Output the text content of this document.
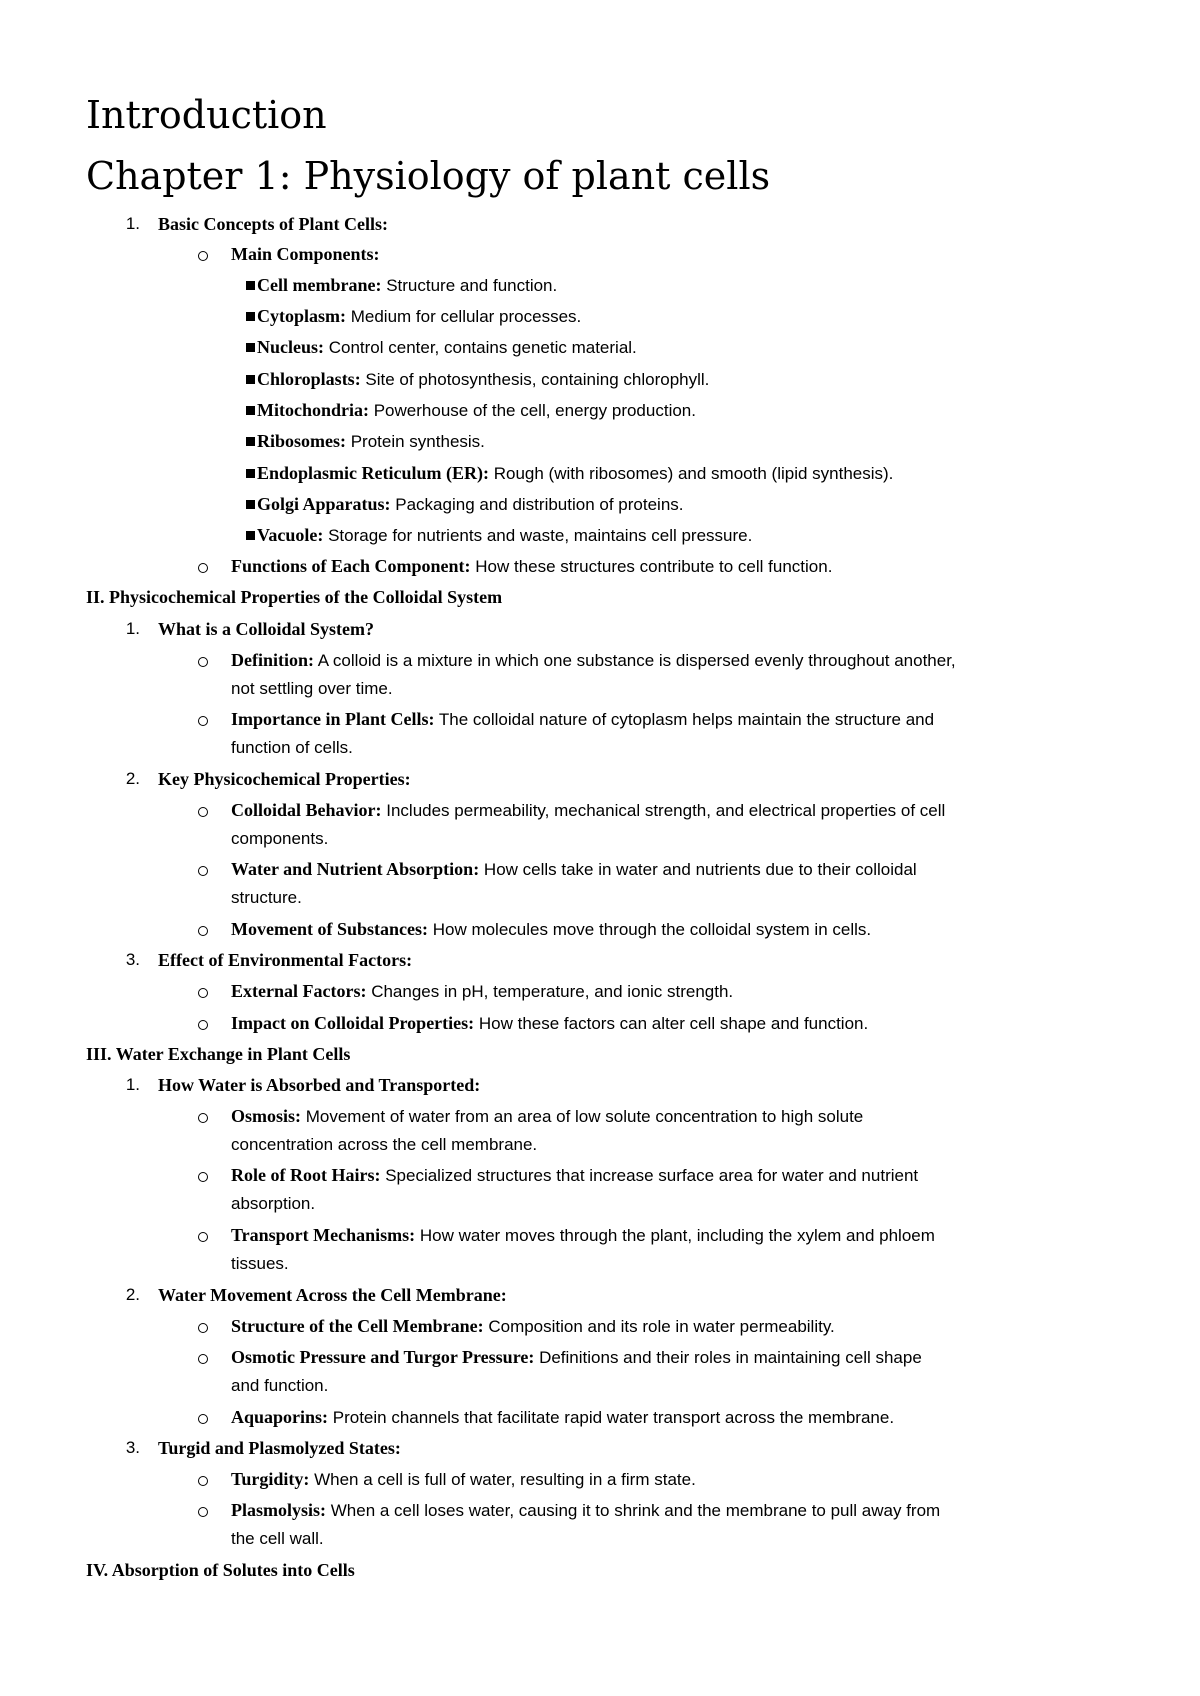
Introduction
Chapter 1: Physiology of plant cells
1. Basic Concepts of Plant Cells:
Main Components:
Cell membrane: Structure and function.
Cytoplasm: Medium for cellular processes.
Nucleus: Control center, contains genetic material.
Chloroplasts: Site of photosynthesis, containing chlorophyll.
Mitochondria: Powerhouse of the cell, energy production.
Ribosomes: Protein synthesis.
Endoplasmic Reticulum (ER): Rough (with ribosomes) and smooth (lipid synthesis).
Golgi Apparatus: Packaging and distribution of proteins.
Vacuole: Storage for nutrients and waste, maintains cell pressure.
Functions of Each Component: How these structures contribute to cell function.
II. Physicochemical Properties of the Colloidal System
1. What is a Colloidal System?
Definition: A colloid is a mixture in which one substance is dispersed evenly throughout another,
not settling over time.
Importance in Plant Cells: The colloidal nature of cytoplasm helps maintain the structure and
function of cells.
2. Key Physicochemical Properties:
Colloidal Behavior: Includes permeability, mechanical strength, and electrical properties of cell
components.
Water and Nutrient Absorption: How cells take in water and nutrients due to their colloidal
structure.
Movement of Substances: How molecules move through the colloidal system in cells.
3. Effect of Environmental Factors:
External Factors: Changes in pH, temperature, and ionic strength.
Impact on Colloidal Properties: How these factors can alter cell shape and function.
III. Water Exchange in Plant Cells
1. How Water is Absorbed and Transported:
Osmosis: Movement of water from an area of low solute concentration to high solute
concentration across the cell membrane.
Role of Root Hairs: Specialized structures that increase surface area for water and nutrient
absorption.
Transport Mechanisms: How water moves through the plant, including the xylem and phloem
tissues.
2. Water Movement Across the Cell Membrane:
Structure of the Cell Membrane: Composition and its role in water permeability.
Osmotic Pressure and Turgor Pressure: Definitions and their roles in maintaining cell shape
and function.
Aquaporins: Protein channels that facilitate rapid water transport across the membrane.
3. Turgid and Plasmolyzed States:
Turgidity: When a cell is full of water, resulting in a firm state.
Plasmolysis: When a cell loses water, causing it to shrink and the membrane to pull away from
the cell wall.
IV. Absorption of Solutes into Cells
